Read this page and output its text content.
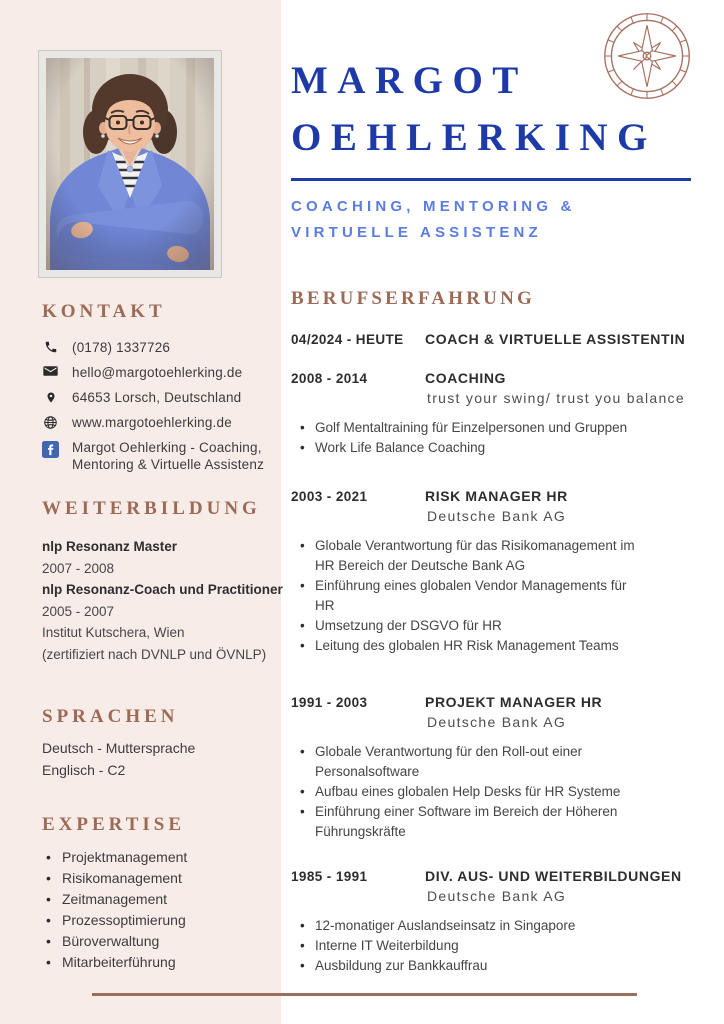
KONTAKT
(0178) 1337726
hello@margotoehlerking.de
64653 Lorsch, Deutschland
www.margotoehlerking.de
Margot Oehlerking - Coaching, Mentoring & Virtuelle Assistenz
WEITERBILDUNG
nlp Resonanz Master
2007 - 2008
nlp Resonanz-Coach und Practitioner
2005 - 2007
Institut Kutschera, Wien
(zertifiziert nach DVNLP und ÖVNLP)
SPRACHEN
Deutsch - Muttersprache
Englisch - C2
EXPERTISE
• Projektmanagement
• Risikomanagement
• Zeitmanagement
• Prozessoptimierung
• Büroverwaltung
• Mitarbeiterführung
MARGOT
OEHLERKING
COACHING, MENTORING &
VIRTUELLE ASSISTENZ
BERUFSERFAHRUNG
04/2024 - HEUTE	COACH & VIRTUELLE ASSISTENTIN
2008 - 2014	COACHING
trust your swing/ trust you balance
• Golf Mentaltraining für Einzelpersonen und Gruppen
• Work Life Balance Coaching
2003 - 2021	RISK MANAGER HR
Deutsche Bank AG
• Globale Verantwortung für das Risikomanagement im HR Bereich der Deutsche Bank AG
• Einführung eines globalen Vendor Managements für HR
• Umsetzung der DSGVO für HR
• Leitung des globalen HR Risk Management Teams
1991 - 2003	PROJEKT MANAGER HR
Deutsche Bank AG
• Globale Verantwortung für den Roll-out einer Personalsoftware
• Aufbau eines globalen Help Desks für HR Systeme
• Einführung einer Software im Bereich der Höheren Führungskräfte
1985 - 1991	DIV. AUS- UND WEITERBILDUNGEN
Deutsche Bank AG
• 12-monatiger Auslandseinsatz in Singapore
• Interne IT Weiterbildung
• Ausbildung zur Bankkauffrau
